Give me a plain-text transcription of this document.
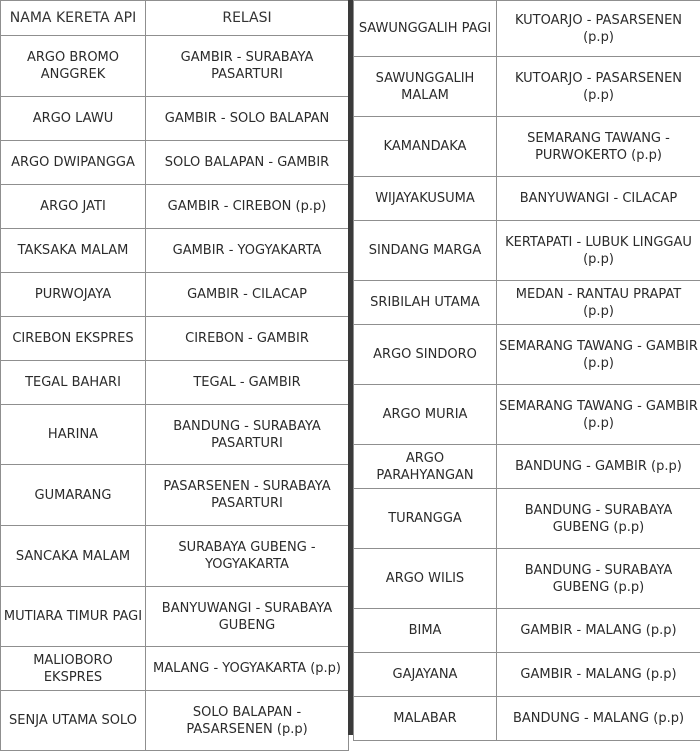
NAMA KERETA API	RELASI
ARGO BROMO ANGGREK	GAMBIR - SURABAYA PASARTURI
ARGO LAWU	GAMBIR - SOLO BALAPAN
ARGO DWIPANGGA	SOLO BALAPAN - GAMBIR
ARGO JATI	GAMBIR - CIREBON (p.p)
TAKSAKA MALAM	GAMBIR - YOGYAKARTA
PURWOJAYA	GAMBIR - CILACAP
CIREBON EKSPRES	CIREBON - GAMBIR
TEGAL BAHARI	TEGAL - GAMBIR
HARINA	BANDUNG - SURABAYA PASARTURI
GUMARANG	PASARSENEN - SURABAYA PASARTURI
SANCAKA MALAM	SURABAYA GUBENG - YOGYAKARTA
MUTIARA TIMUR PAGI	BANYUWANGI - SURABAYA GUBENG
MALIOBORO EKSPRES	MALANG - YOGYAKARTA (p.p)
SENJA UTAMA SOLO	SOLO BALAPAN - PASARSENEN (p.p)
SAWUNGGALIH PAGI	KUTOARJO - PASARSENEN (p.p)
SAWUNGGALIH MALAM	KUTOARJO - PASARSENEN (p.p)
KAMANDAKA	SEMARANG TAWANG - PURWOKERTO (p.p)
WIJAYAKUSUMA	BANYUWANGI - CILACAP
SINDANG MARGA	KERTAPATI - LUBUK LINGGAU (p.p)
SRIBILAH UTAMA	MEDAN - RANTAU PRAPAT (p.p)
ARGO SINDORO	SEMARANG TAWANG - GAMBIR (p.p)
ARGO MURIA	SEMARANG TAWANG - GAMBIR (p.p)
ARGO PARAHYANGAN	BANDUNG - GAMBIR (p.p)
TURANGGA	BANDUNG - SURABAYA GUBENG (p.p)
ARGO WILIS	BANDUNG - SURABAYA GUBENG (p.p)
BIMA	GAMBIR - MALANG (p.p)
GAJAYANA	GAMBIR - MALANG (p.p)
MALABAR	BANDUNG - MALANG (p.p)
